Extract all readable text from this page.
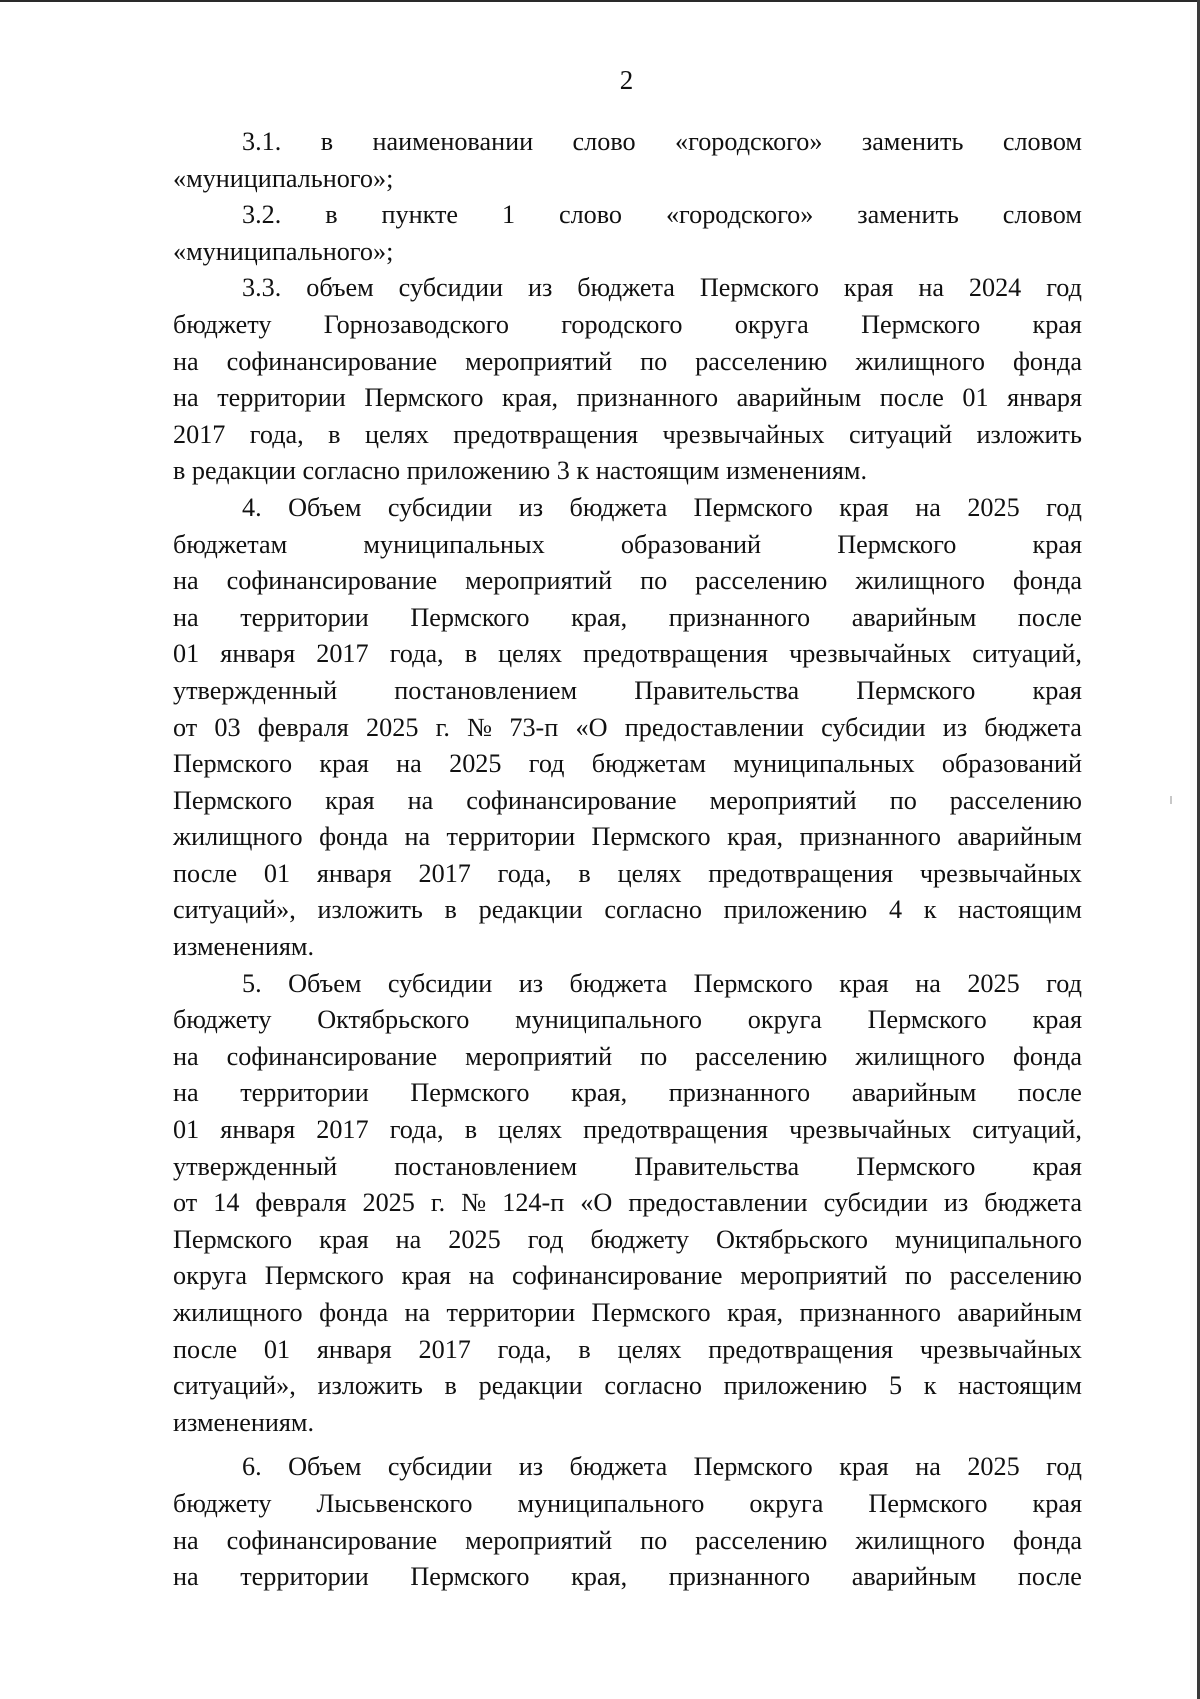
2
3.1. в наименовании слово «городского» заменить словом
«муниципального»;
3.2. в пункте 1 слово «городского» заменить словом
«муниципального»;
3.3. объем субсидии из бюджета Пермского края на 2024 год
бюджету Горнозаводского городского округа Пермского края
на софинансирование мероприятий по расселению жилищного фонда
на территории Пермского края, признанного аварийным после 01 января
2017 года, в целях предотвращения чрезвычайных ситуаций изложить
в редакции согласно приложению 3 к настоящим изменениям.
4. Объем субсидии из бюджета Пермского края на 2025 год
бюджетам	муниципальных	образований	Пермского	края
на софинансирование мероприятий по расселению жилищного фонда
на территории Пермского края, признанного аварийным после
01 января 2017 года, в целях предотвращения чрезвычайных ситуаций,
утвержденный постановлением Правительства Пермского края
от 03 февраля 2025 г. № 73-п «О предоставлении субсидии из бюджета
Пермского края на 2025 год бюджетам муниципальных образований
Пермского края на софинансирование мероприятий по расселению
жилищного фонда на территории Пермского края, признанного аварийным
после 01 января 2017 года, в целях предотвращения чрезвычайных
ситуаций», изложить в редакции согласно приложению 4 к настоящим
изменениям.
5. Объем субсидии из бюджета Пермского края на 2025 год
бюджету Октябрьского муниципального округа Пермского края
на софинансирование мероприятий по расселению жилищного фонда
на территории Пермского края, признанного аварийным после
01 января 2017 года, в целях предотвращения чрезвычайных ситуаций,
утвержденный постановлением Правительства Пермского края
от 14 февраля 2025 г. № 124-п «О предоставлении субсидии из бюджета
Пермского края на 2025 год бюджету Октябрьского муниципального
округа Пермского края на софинансирование мероприятий по расселению
жилищного фонда на территории Пермского края, признанного аварийным
после 01 января 2017 года, в целях предотвращения чрезвычайных
ситуаций», изложить в редакции согласно приложению 5 к настоящим
изменениям.
6. Объем субсидии из бюджета Пермского края на 2025 год
бюджету Лысьвенского муниципального округа Пермского края
на софинансирование мероприятий по расселению жилищного фонда
на территории Пермского края, признанного аварийным после
